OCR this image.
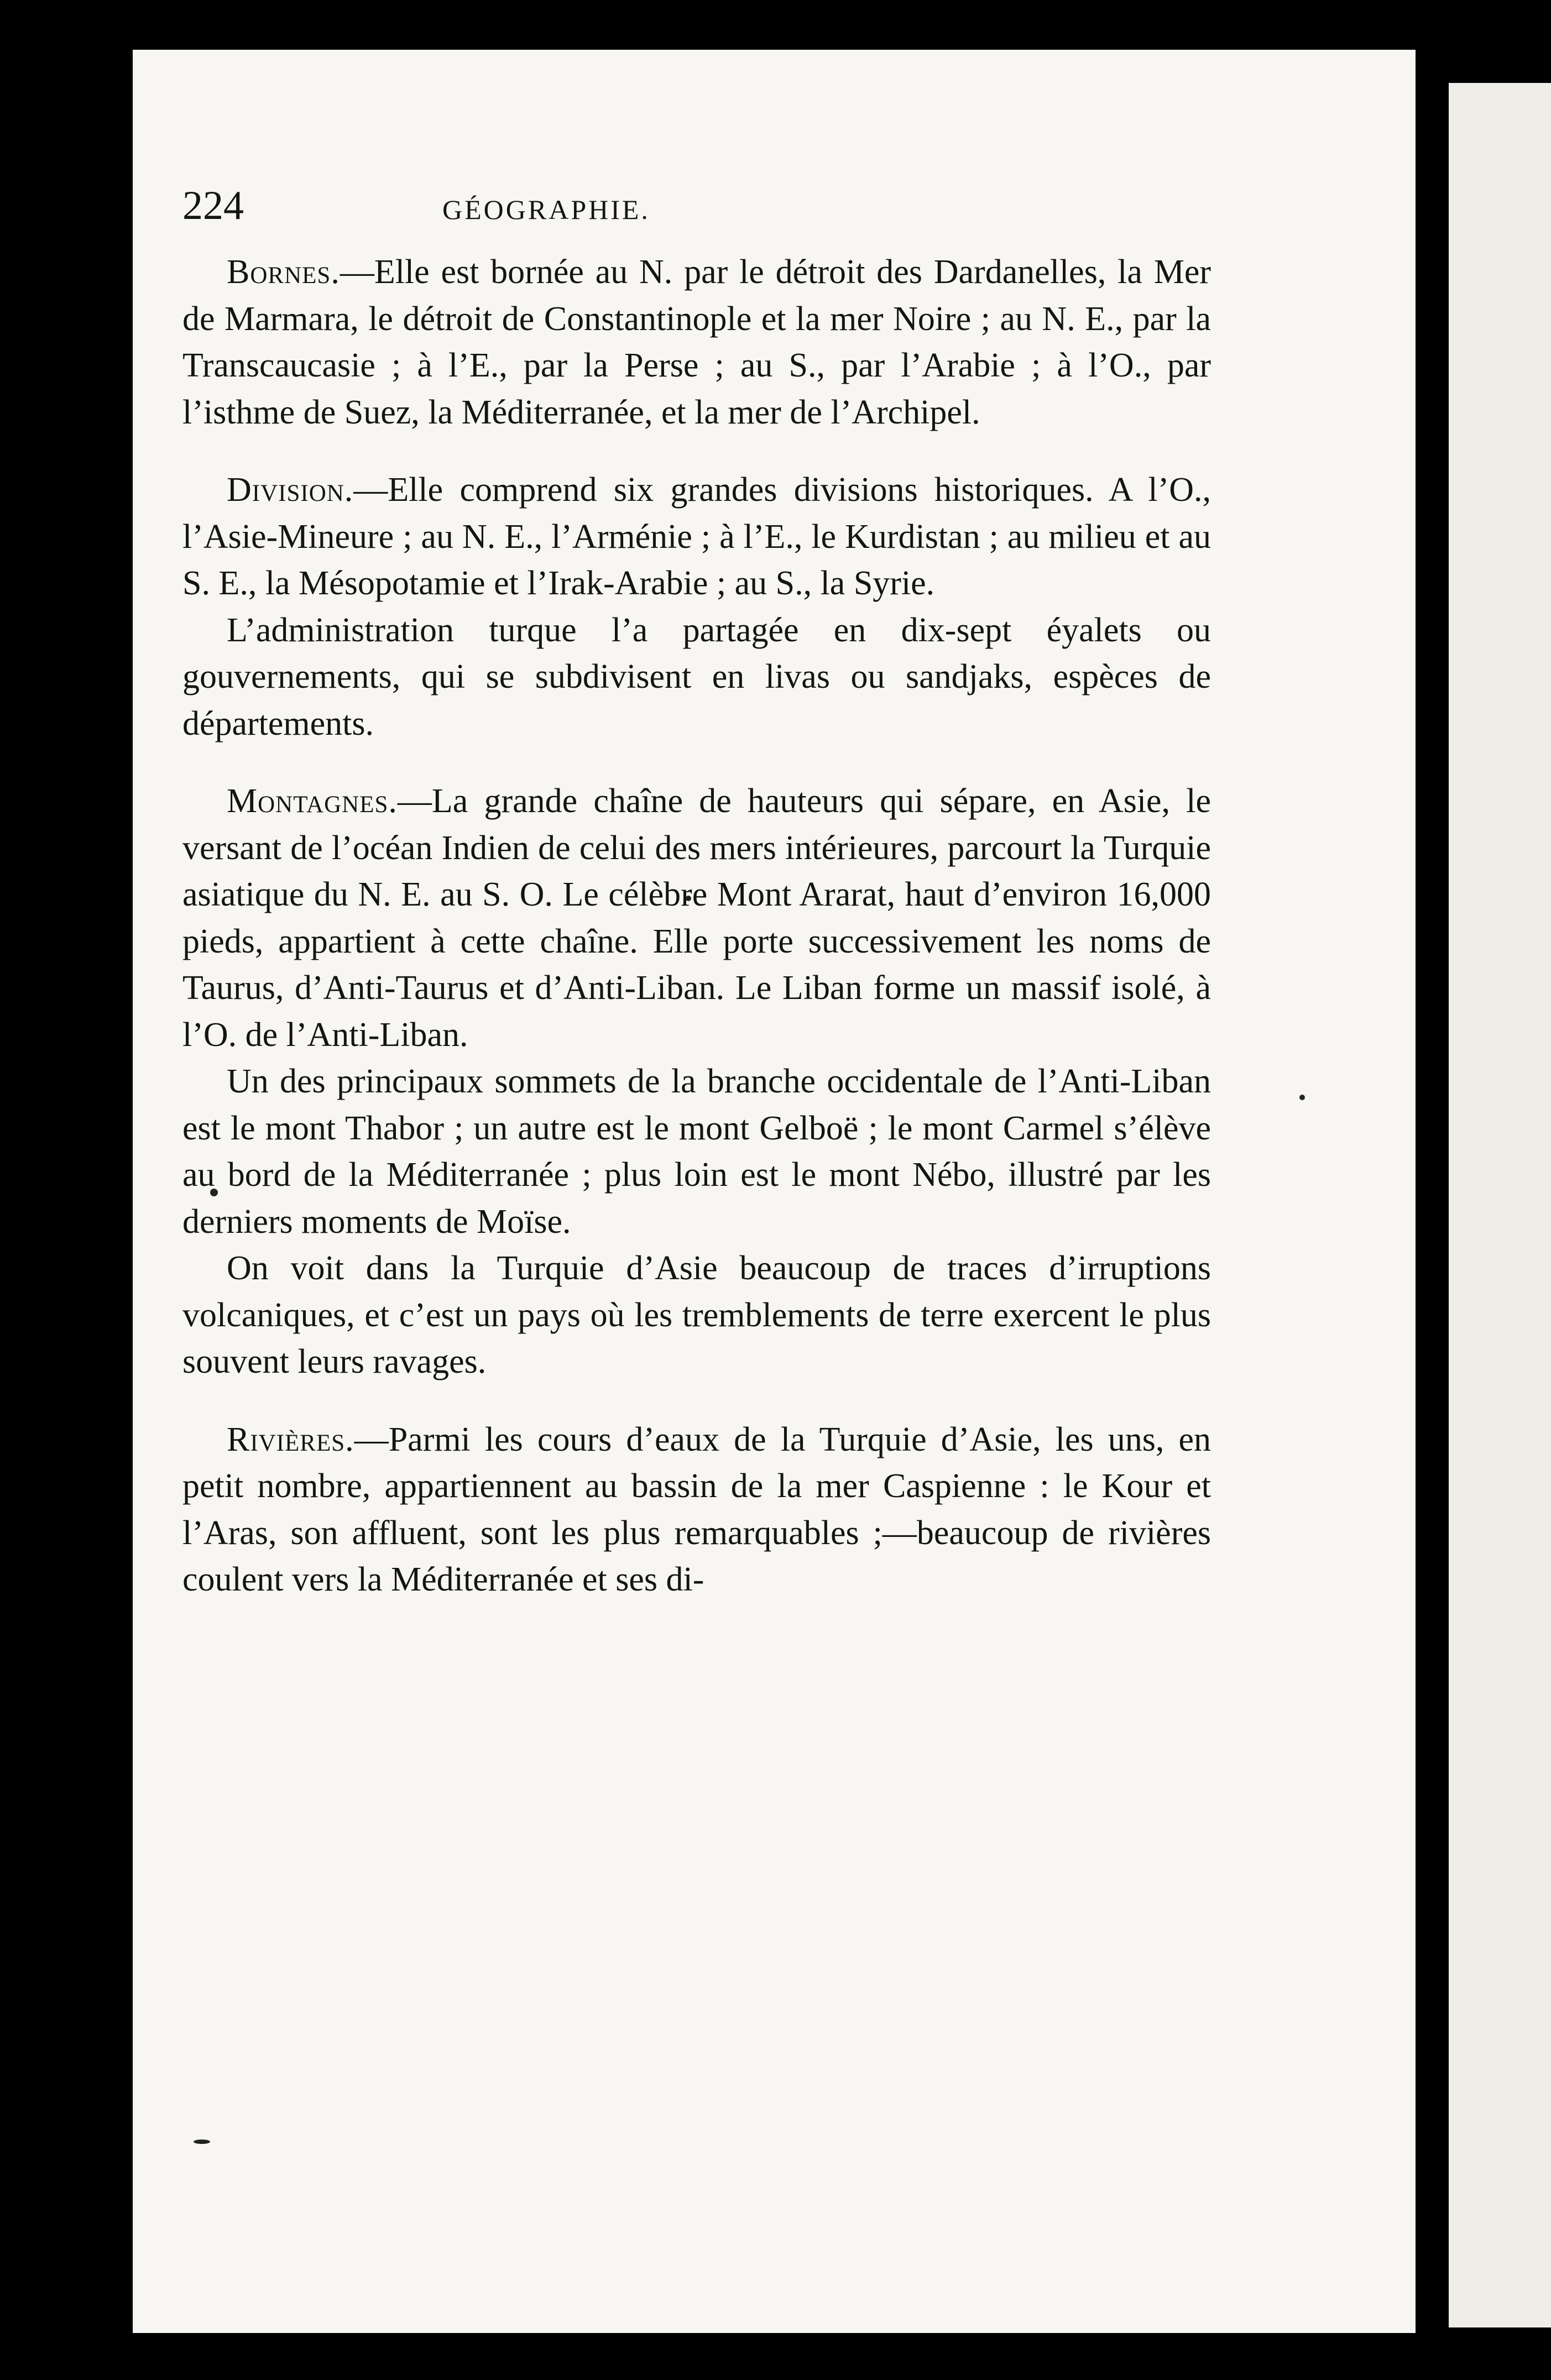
224	GÉOGRAPHIE.

Bornes.—Elle est bornée au N. par le détroit des Dardanelles, la Mer de Marmara, le détroit de Constantinople et la mer Noire ; au N. E., par la Transcaucasie ; à l’E., par la Perse ; au S., par l’Arabie ; à l’O., par l’isthme de Suez, la Méditerranée, et la mer de l’Archipel.

Division.—Elle comprend six grandes divisions historiques. A l’O., l’Asie-Mineure ; au N. E., l’Arménie ; à l’E., le Kurdistan ; au milieu et au S. E., la Mésopotamie et l’Irak-Arabie ; au S., la Syrie.

L’administration turque l’a partagée en dix-sept éyalets ou gouvernements, qui se subdivisent en livas ou sandjaks, espèces de départements.

Montagnes.—La grande chaîne de hauteurs qui sépare, en Asie, le versant de l’océan Indien de celui des mers intérieures, parcourt la Turquie asiatique du N. E. au S. O. Le célèbre Mont Ararat, haut d’environ 16,000 pieds, appartient à cette chaîne. Elle porte successivement les noms de Taurus, d’Anti-Taurus et d’Anti-Liban. Le Liban forme un massif isolé, à l’O. de l’Anti-Liban.

Un des principaux sommets de la branche occidentale de l’Anti-Liban est le mont Thabor ; un autre est le mont Gelboë ; le mont Carmel s’élève au bord de la Méditerranée ; plus loin est le mont Nébo, illustré par les derniers moments de Moïse.

On voit dans la Turquie d’Asie beaucoup de traces d’irruptions volcaniques, et c’est un pays où les tremblements de terre exercent le plus souvent leurs ravages.

Rivières.—Parmi les cours d’eaux de la Turquie d’Asie, les uns, en petit nombre, appartiennent au bassin de la mer Caspienne : le Kour et l’Aras, son affluent, sont les plus remarquables ;—beaucoup de rivières coulent vers la Méditerranée et ses di-
